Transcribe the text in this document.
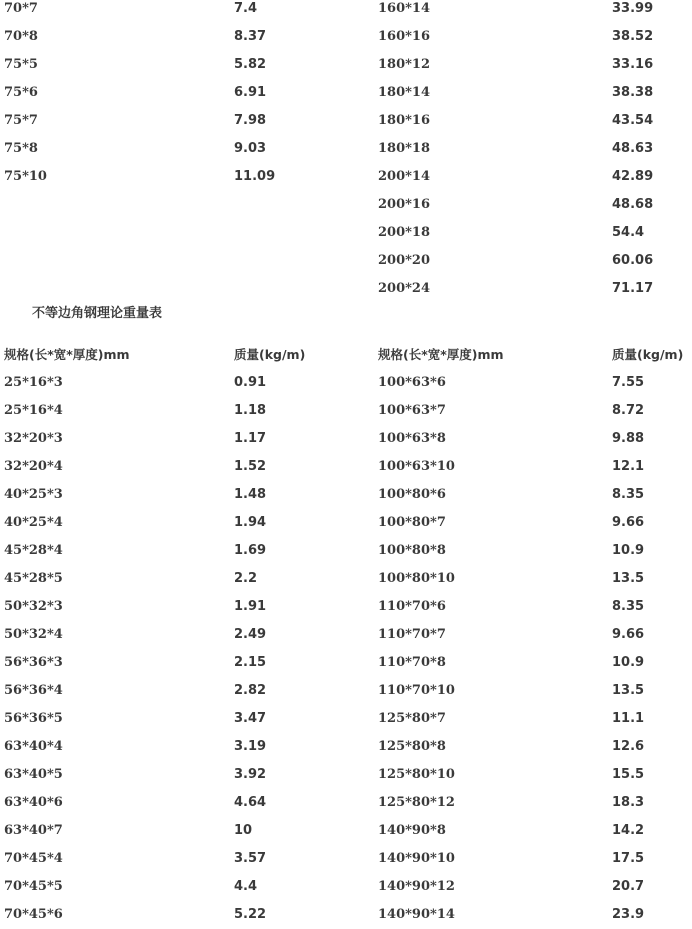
70*7	7.4	160*14	33.99
70*8	8.37	160*16	38.52
75*5	5.82	180*12	33.16
75*6	6.91	180*14	38.38
75*7	7.98	180*16	43.54
75*8	9.03	180*18	48.63
75*10	11.09	200*14	42.89
		200*16	48.68
		200*18	54.4
		200*20	60.06
		200*24	71.17
不等边角钢理论重量表
规格(长*宽*厚度)mm	质量(kg/m)	规格(长*宽*厚度)mm	质量(kg/m)
25*16*3	0.91	100*63*6	7.55
25*16*4	1.18	100*63*7	8.72
32*20*3	1.17	100*63*8	9.88
32*20*4	1.52	100*63*10	12.1
40*25*3	1.48	100*80*6	8.35
40*25*4	1.94	100*80*7	9.66
45*28*4	1.69	100*80*8	10.9
45*28*5	2.2	100*80*10	13.5
50*32*3	1.91	110*70*6	8.35
50*32*4	2.49	110*70*7	9.66
56*36*3	2.15	110*70*8	10.9
56*36*4	2.82	110*70*10	13.5
56*36*5	3.47	125*80*7	11.1
63*40*4	3.19	125*80*8	12.6
63*40*5	3.92	125*80*10	15.5
63*40*6	4.64	125*80*12	18.3
63*40*7	10	140*90*8	14.2
70*45*4	3.57	140*90*10	17.5
70*45*5	4.4	140*90*12	20.7
70*45*6	5.22	140*90*14	23.9
